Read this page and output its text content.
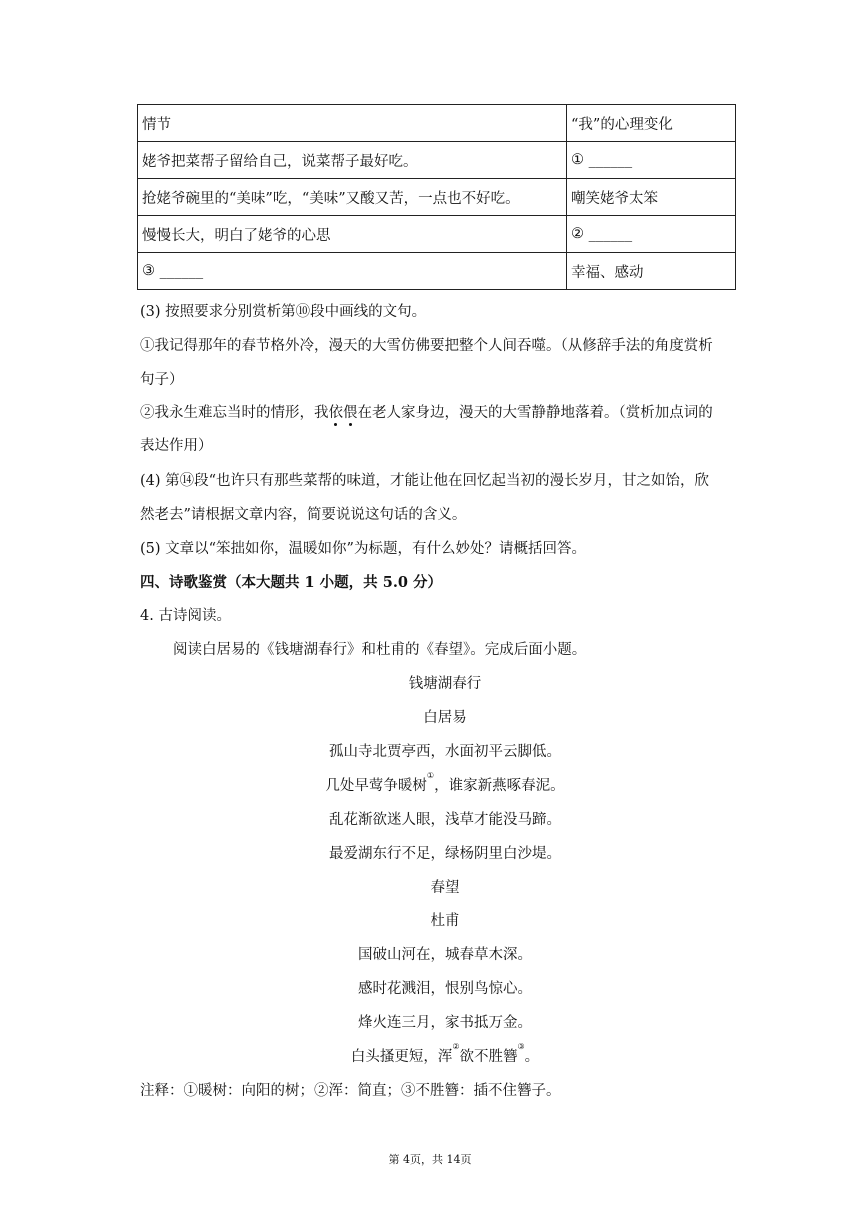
情节	“我”的心理变化
姥爷把菜帮子留给自己，说菜帮子最好吃。	① ______
抢姥爷碗里的“美味”吃，“美味”又酸又苦，一点也不好吃。	嘲笑姥爷太笨
慢慢长大，明白了姥爷的心思	② ______
③ ______	幸福、感动
(3) 按照要求分别赏析第⑩段中画线的文句。
①我记得那年的春节格外冷，漫天的大雪仿佛要把整个人间吞噬。（从修辞手法的角度赏析
句子）
②我永生难忘当时的情形，我依偎在老人家身边，漫天的大雪静静地落着。（赏析加点词的
表达作用）
(4) 第⑭段“也许只有那些菜帮的味道，才能让他在回忆起当初的漫长岁月，甘之如饴，欣
然老去”请根据文章内容，简要说说这句话的含义。
(5) 文章以“笨拙如你，温暖如你”为标题，有什么妙处？请概括回答。
四、诗歌鉴赏（本大题共 1 小题，共 5.0 分）
4. 古诗阅读。
阅读白居易的《钱塘湖春行》和杜甫的《春望》。完成后面小题。
钱塘湖春行
白居易
孤山寺北贾亭西，水面初平云脚低。
几处早莺争暖树①，谁家新燕啄春泥。
乱花渐欲迷人眼，浅草才能没马蹄。
最爱湖东行不足，绿杨阴里白沙堤。
春望
杜甫
国破山河在，城春草木深。
感时花溅泪，恨别鸟惊心。
烽火连三月，家书抵万金。
白头搔更短，浑②欲不胜簪③。
注释：①暖树：向阳的树；②浑：简直；③不胜簪：插不住簪子。
第 4页，共 14页
